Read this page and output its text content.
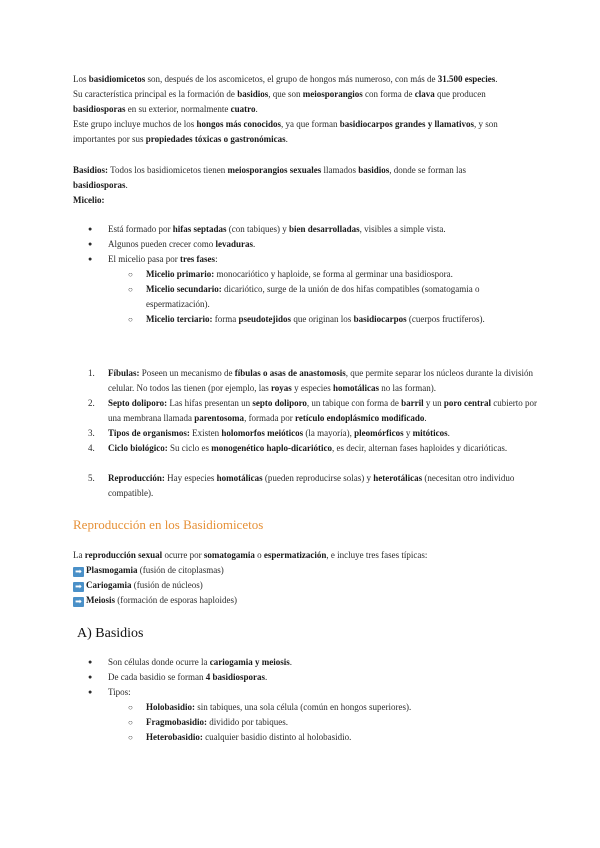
Los basidiomicetos son, después de los ascomicetos, el grupo de hongos más numeroso, con más de 31.500 especies.

Su característica principal es la formación de basidios, que son meiosporangios con forma de clava que producen

basidiosporas en su exterior, normalmente cuatro.

Este grupo incluye muchos de los hongos más conocidos, ya que forman basidiocarpos grandes y llamativos, y son

importantes por sus propiedades tóxicas o gastronómicas.

Basidios: Todos los basidiomicetos tienen meiosporangios sexuales llamados basidios, donde se forman las

basidiosporas.

Micelio:

● Está formado por hifas septadas (con tabiques) y bien desarrolladas, visibles a simple vista.
● Algunos pueden crecer como levaduras.
● El micelio pasa por tres fases:
○ Micelio primario: monocariótico y haploide, se forma al germinar una basidiospora.
○ Micelio secundario: dicariótico, surge de la unión de dos hifas compatibles (somatogamia o espermatización).
○ Micelio terciario: forma pseudotejidos que originan los basidiocarpos (cuerpos fructíferos).
1. Fíbulas: Poseen un mecanismo de fíbulas o asas de anastomosis, que permite separar los núcleos durante la división celular. No todos las tienen (por ejemplo, las royas y especies homotálicas no las forman).
2. Septo doliporo: Las hifas presentan un septo doliporo, un tabique con forma de barril y un poro central cubierto por una membrana llamada parentosoma, formada por retículo endoplásmico modificado.
3. Tipos de organismos: Existen holomorfos meióticos (la mayoría), pleomórficos y mitóticos.
4. Ciclo biológico: Su ciclo es monogenético haplo-dicariótico, es decir, alternan fases haploides y dicarióticas.
5. Reproducción: Hay especies homotálicas (pueden reproducirse solas) y heterotálicas (necesitan otro individuo compatible).
Reproducción en los Basidiomicetos

La reproducción sexual ocurre por somatogamia o espermatización, e incluye tres fases típicas:

➡ Plasmogamia (fusión de citoplasmas)

➡ Cariogamia (fusión de núcleos)

➡ Meiosis (formación de esporas haploides)

A) Basidios
● Son células donde ocurre la cariogamia y meiosis.
● De cada basidio se forman 4 basidiosporas.
● Tipos:
○ Holobasidio: sin tabiques, una sola célula (común en hongos superiores).
○ Fragmobasidio: dividido por tabiques.
○ Heterobasidio: cualquier basidio distinto al holobasidio.
